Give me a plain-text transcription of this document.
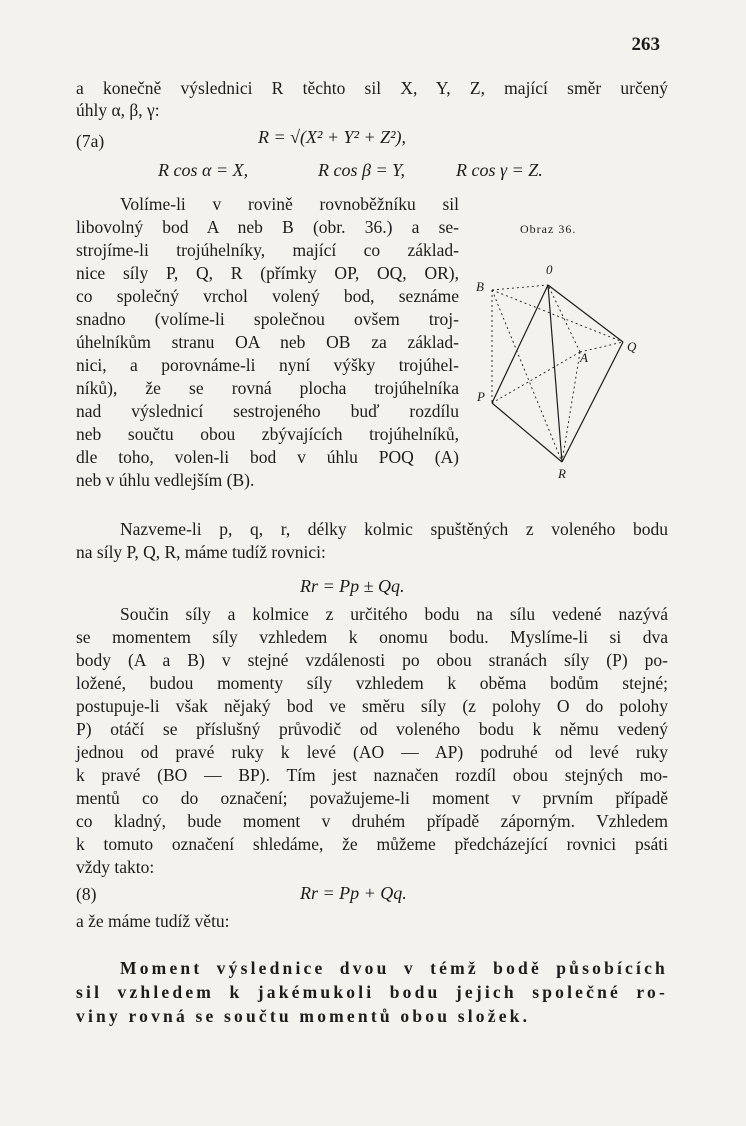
263
a konečně výslednici R těchto sil X, Y, Z, mající směr určený
úhly α, β, γ:
(7a)	R = √(X² + Y² + Z²),
R cos α = X,	R cos β = Y,	R cos γ = Z.
Volíme-li v rovině rovnoběžníku sil
libovolný bod A neb B (obr. 36.) a se-
strojíme-li trojúhelníky, mající co základ-
nice síly P, Q, R (přímky OP, OQ, OR),
co společný vrchol volený bod, seznáme
snadno (volíme-li společnou ovšem troj-
úhelníkům stranu OA neb OB za základ-
nici, a porovnáme-li nyní výšky trojúhel-
níků), že se rovná plocha trojúhelníka
nad výslednicí sestrojeného buď rozdílu
neb součtu obou zbývajících trojúhelníků,
dle toho, volen-li bod v úhlu POQ (A)
neb v úhlu vedlejším (B).
Obraz 36.
0
B
Q
A
P
R
Nazveme-li p, q, r, délky kolmic spuštěných z voleného bodu
na síly P, Q, R, máme tudíž rovnici:
Rr = Pp ± Qq.
Součin síly a kolmice z určitého bodu na sílu vedené nazývá
se momentem síly vzhledem k onomu bodu. Myslíme-li si dva
body (A a B) v stejné vzdálenosti po obou stranách síly (P) po-
ložené, budou momenty síly vzhledem k oběma bodům stejné;
postupuje-li však nějaký bod ve směru síly (z polohy O do polohy
P) otáčí se příslušný průvodič od voleného bodu k němu vedený
jednou od pravé ruky k levé (AO — AP) podruhé od levé ruky
k pravé (BO — BP). Tím jest naznačen rozdíl obou stejných mo-
mentů co do označení; považujeme-li moment v prvním případě
co kladný, bude moment v druhém případě záporným. Vzhledem
k tomuto označení shledáme, že můžeme předcházející rovnici psáti
vždy takto:
(8)	Rr = Pp + Qq.
a že máme tudíž větu:
Moment výslednice dvou v témž bodě působících
sil vzhledem k jakémukoli bodu jejich společné ro-
viny rovná se součtu momentů obou složek.
